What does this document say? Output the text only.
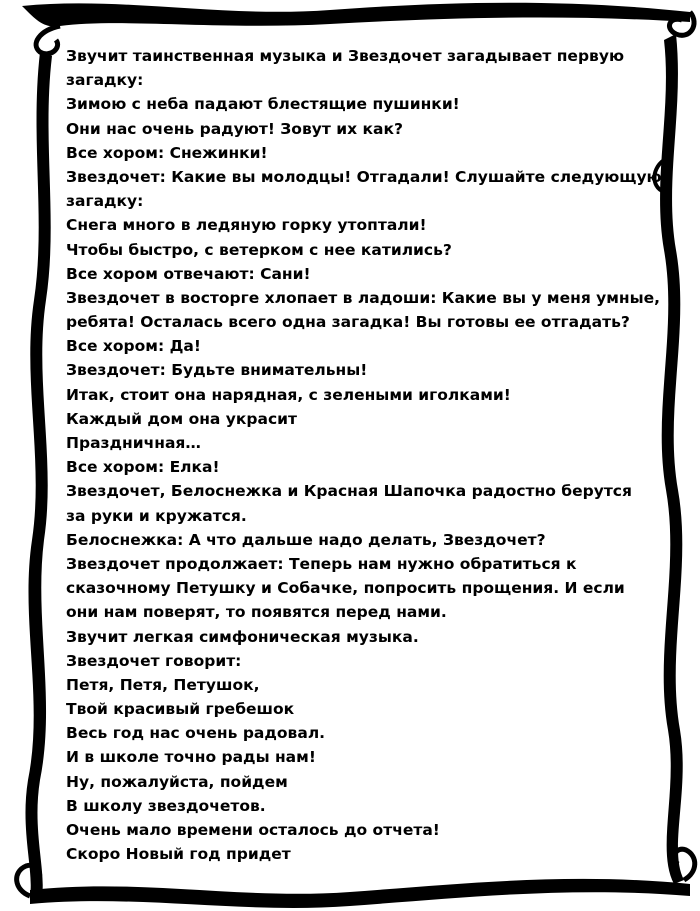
Звучит таинственная музыка и Звездочет загадывает первую
загадку:
Зимою с неба падают блестящие пушинки!
Они нас очень радуют! Зовут их как?
Все хором: Снежинки!
Звездочет: Какие вы молодцы! Отгадали! Слушайте следующую
загадку:
Снега много в ледяную горку утоптали!
Чтобы быстро, с ветерком с нее катились?
Все хором отвечают: Сани!
Звездочет в восторге хлопает в ладоши: Какие вы у меня умные,
ребята! Осталась всего одна загадка! Вы готовы ее отгадать?
Все хором: Да!
Звездочет: Будьте внимательны!
Итак, стоит она нарядная, с зелеными иголками!
Каждый дом она украсит
Праздничная…
Все хором: Елка!
Звездочет, Белоснежка и Красная Шапочка радостно берутся
за руки и кружатся.
Белоснежка: А что дальше надо делать, Звездочет?
Звездочет продолжает: Теперь нам нужно обратиться к
сказочному Петушку и Собачке, попросить прощения. И если
они нам поверят, то появятся перед нами.
Звучит легкая симфоническая музыка.
Звездочет говорит:
Петя, Петя, Петушок,
Твой красивый гребешок
Весь год нас очень радовал.
И в школе точно рады нам!
Ну, пожалуйста, пойдем
В школу звездочетов.
Очень мало времени осталось до отчета!
Скоро Новый год придет
